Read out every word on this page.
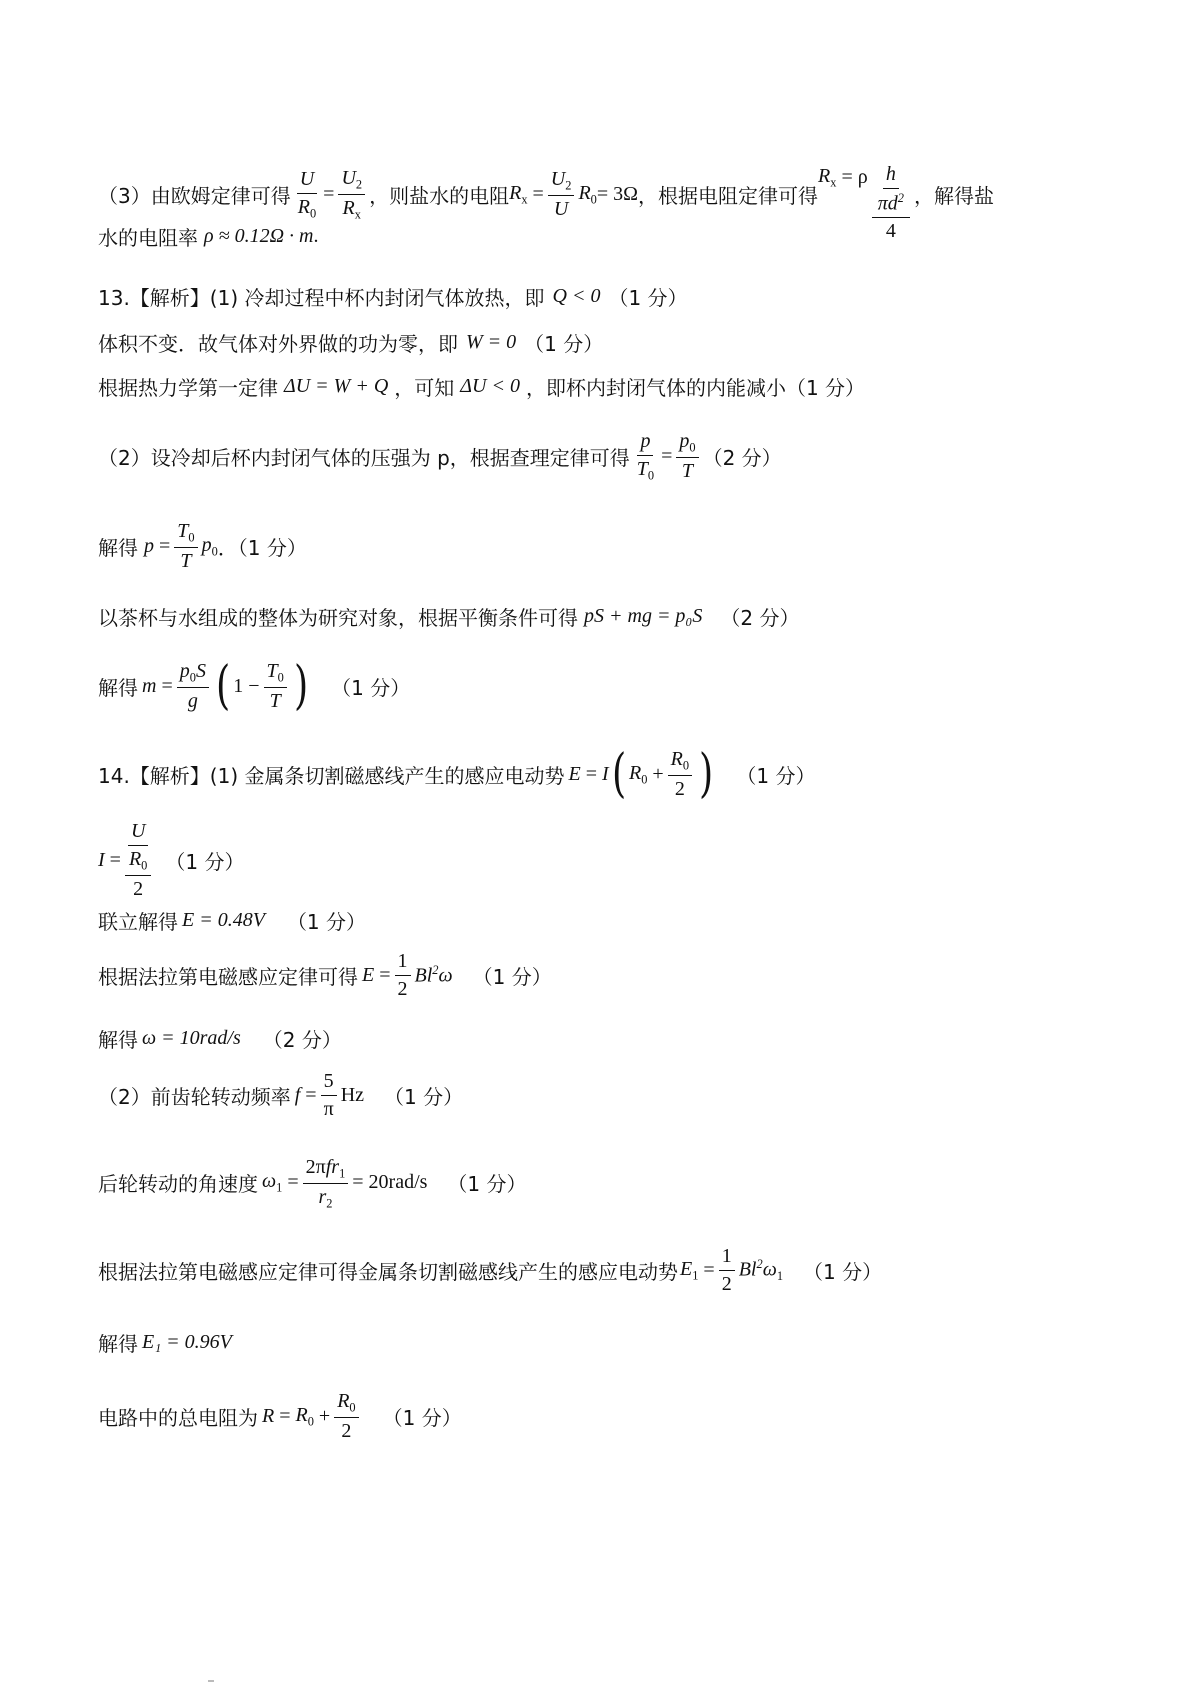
（3）由欧姆定律可得 $\frac{U}{R_0} = \frac{U_2}{R_x}$ ，则盐水的电阻 $R_x = \frac{U_2}{U} R_0 = 3\Omega$ ，根据电阻定律可得
$R_x = \rho$ h
$\pi d^2$
4 ，解得盐
水的电阻率 ρ ≈ 0.12Ω · m .
13.【解析】(1) 冷却过程中杯内封闭气体放热，即 Q < 0 （1 分）
体积不变．故气体对外界做的功为零，即 W = 0 （1 分）
根据热力学第一定律 ΔU = W + Q ，可知 ΔU < 0 ，即杯内封闭气体的内能减小（1 分）
（2）设冷却后杯内封闭气体的压强为 p，根据查理定律可得 $\frac{p}{T_0} = \frac{p_0}{T} (2$ 分）
解得 $p = \frac{T_0}{T} p_0$ ．（1 分）
以茶杯与水组成的整体为研究对象，根据平衡条件可得 pS + mg = p₀S （2 分）
解得 $m = \frac{p_0S}{g}$ ( $1 - \frac{T_0}{T}$ ) （1 分）
14.【解析】(1) 金属条切割磁感线产生的感应电动势 E = I ( $R_0 + \frac{R_0}{2}$ ) （1 分）
I = U
$R_0$
2 （1 分）
联立解得 E = 0.48V （1 分）
根据法拉第电磁感应定律可得 $E = \frac{1}{2} Bl^2\omega$ （1 分）
解得 ω = 10rad/s （2 分）
（2）前齿轮转动频率 $f = \frac{5}{\pi}$ Hz （1 分）
后轮转动的角速度 $\omega_1 = \frac{2\pi fr_1}{r_2} = 20rad/s$ （1 分）
根据法拉第电磁感应定律可得金属条切割磁感线产生的感应电动势 $E_1 = \frac{1}{2} Bl^2\omega_1$ （1 分）
解得 E₁ = 0.96V
电路中的总电阻为 $R = R_0 + \frac{R_0}{2} (1$ 分）
